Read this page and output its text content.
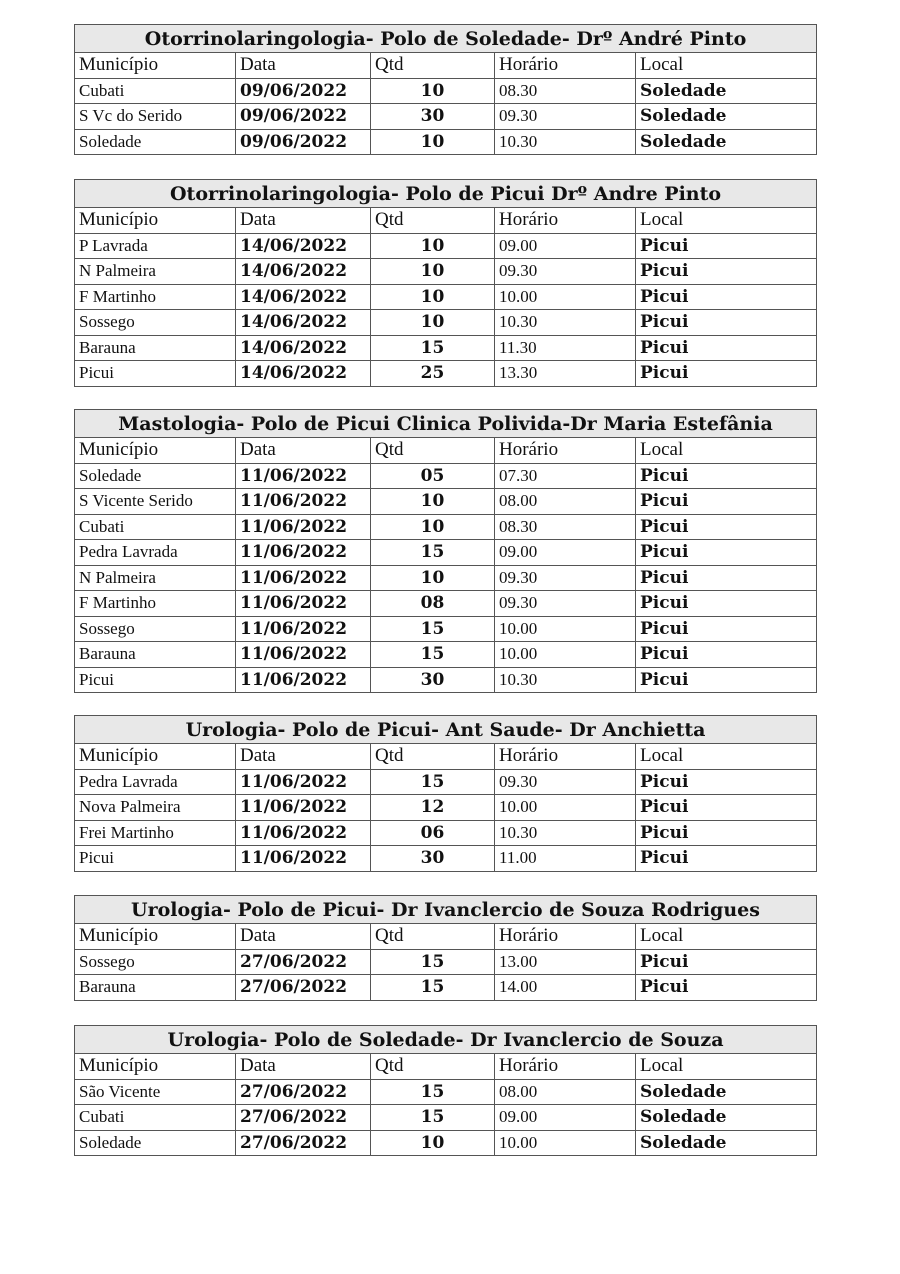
Otorrinolaringologia- Polo de Soledade- Drº André Pinto				
Município	Data	Qtd	Horário	Local
Cubati	09/06/2022	10	08.30	Soledade
S Vc do Serido	09/06/2022	30	09.30	Soledade
Soledade	09/06/2022	10	10.30	Soledade
Otorrinolaringologia- Polo de Picui Drº Andre Pinto				
Município	Data	Qtd	Horário	Local
P Lavrada	14/06/2022	10	09.00	Picui
N Palmeira	14/06/2022	10	09.30	Picui
F Martinho	14/06/2022	10	10.00	Picui
Sossego	14/06/2022	10	10.30	Picui
Barauna	14/06/2022	15	11.30	Picui
Picui	14/06/2022	25	13.30	Picui
Mastologia- Polo de Picui Clinica Polivida-Dr Maria Estefânia				
Município	Data	Qtd	Horário	Local
Soledade	11/06/2022	05	07.30	Picui
S Vicente Serido	11/06/2022	10	08.00	Picui
Cubati	11/06/2022	10	08.30	Picui
Pedra Lavrada	11/06/2022	15	09.00	Picui
N Palmeira	11/06/2022	10	09.30	Picui
F Martinho	11/06/2022	08	09.30	Picui
Sossego	11/06/2022	15	10.00	Picui
Barauna	11/06/2022	15	10.00	Picui
Picui	11/06/2022	30	10.30	Picui
Urologia- Polo de Picui- Ant Saude- Dr Anchietta				
Município	Data	Qtd	Horário	Local
Pedra Lavrada	11/06/2022	15	09.30	Picui
Nova Palmeira	11/06/2022	12	10.00	Picui
Frei Martinho	11/06/2022	06	10.30	Picui
Picui	11/06/2022	30	11.00	Picui
Urologia- Polo de Picui- Dr Ivanclercio de Souza Rodrigues				
Município	Data	Qtd	Horário	Local
Sossego	27/06/2022	15	13.00	Picui
Barauna	27/06/2022	15	14.00	Picui
Urologia- Polo de Soledade- Dr Ivanclercio de Souza				
Município	Data	Qtd	Horário	Local
São Vicente	27/06/2022	15	08.00	Soledade
Cubati	27/06/2022	15	09.00	Soledade
Soledade	27/06/2022	10	10.00	Soledade
